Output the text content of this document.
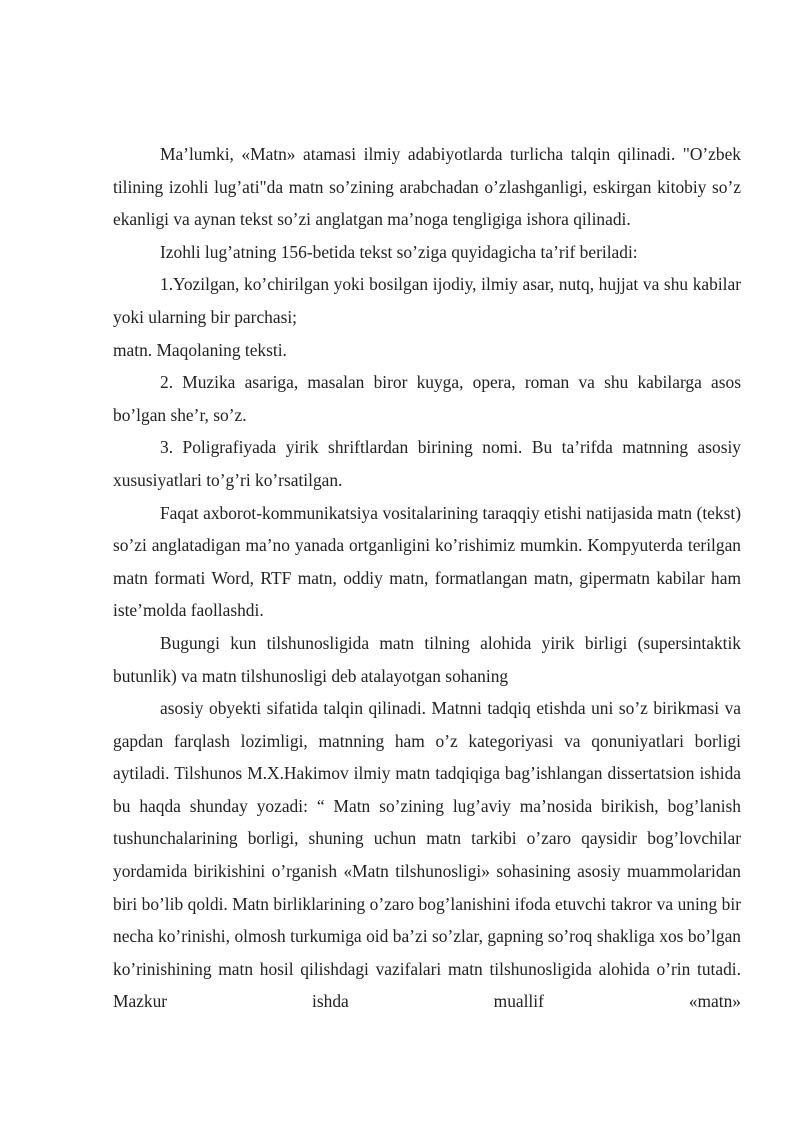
Ma’lumki, «Matn» atamasi ilmiy adabiyotlarda turlicha talqin qilinadi. "O’zbek tilining izohli lug’ati"da matn so’zining arabchadan o’zlashganligi, eskirgan kitobiy so’z ekanligi va aynan tekst so’zi anglatgan ma’noga tengligiga ishora qilinadi.

Izohli lug’atning 156-betida tekst so’ziga quyidagicha ta’rif beriladi:

1.Yozilgan, ko’chirilgan yoki bosilgan ijodiy, ilmiy asar, nutq, hujjat va shu kabilar yoki ularning bir parchasi;

matn. Maqolaning teksti.

2. Muzika asariga, masalan biror kuyga, opera, roman va shu kabilarga asos bo’lgan she’r, so’z.

3. Poligrafiyada yirik shriftlardan birining nomi. Bu ta’rifda matnning asosiy xususiyatlari to’g’ri ko’rsatilgan.

Faqat axborot-kommunikatsiya vositalarining taraqqiy etishi natijasida matn (tekst) so’zi anglatadigan ma’no yanada ortganligini ko’rishimiz mumkin. Kompyuterda terilgan matn formati Word, RTF matn, oddiy matn, formatlangan matn, gipermatn kabilar ham iste’molda faollashdi.

Bugungi kun tilshunosligida matn tilning alohida yirik birligi (supersintaktik butunlik) va matn tilshunosligi deb atalayotgan sohaning

asosiy obyekti sifatida talqin qilinadi. Matnni tadqiq etishda uni so’z birikmasi va gapdan farqlash lozimligi, matnning ham o’z kategoriyasi va qonuniyatlari borligi aytiladi. Tilshunos M.X.Hakimov ilmiy matn tadqiqiga bag’ishlangan dissertatsion ishida bu haqda shunday yozadi: “ Matn so’zining lug’aviy ma’nosida birikish, bog’lanish tushunchalarining borligi, shuning uchun matn tarkibi o’zaro qaysidir bog’lovchilar yordamida birikishini o’rganish «Matn tilshunosligi» sohasining asosiy muammolaridan biri bo’lib qoldi. Matn birliklarining o’zaro bog’lanishini ifoda etuvchi takror va uning bir necha ko’rinishi, olmosh turkumiga oid ba’zi so’zlar, gapning so’roq shakliga xos bo’lgan ko’rinishining matn hosil qilishdagi vazifalari matn tilshunosligida alohida o’rin tutadi. Mazkur ishda muallif «matn»
